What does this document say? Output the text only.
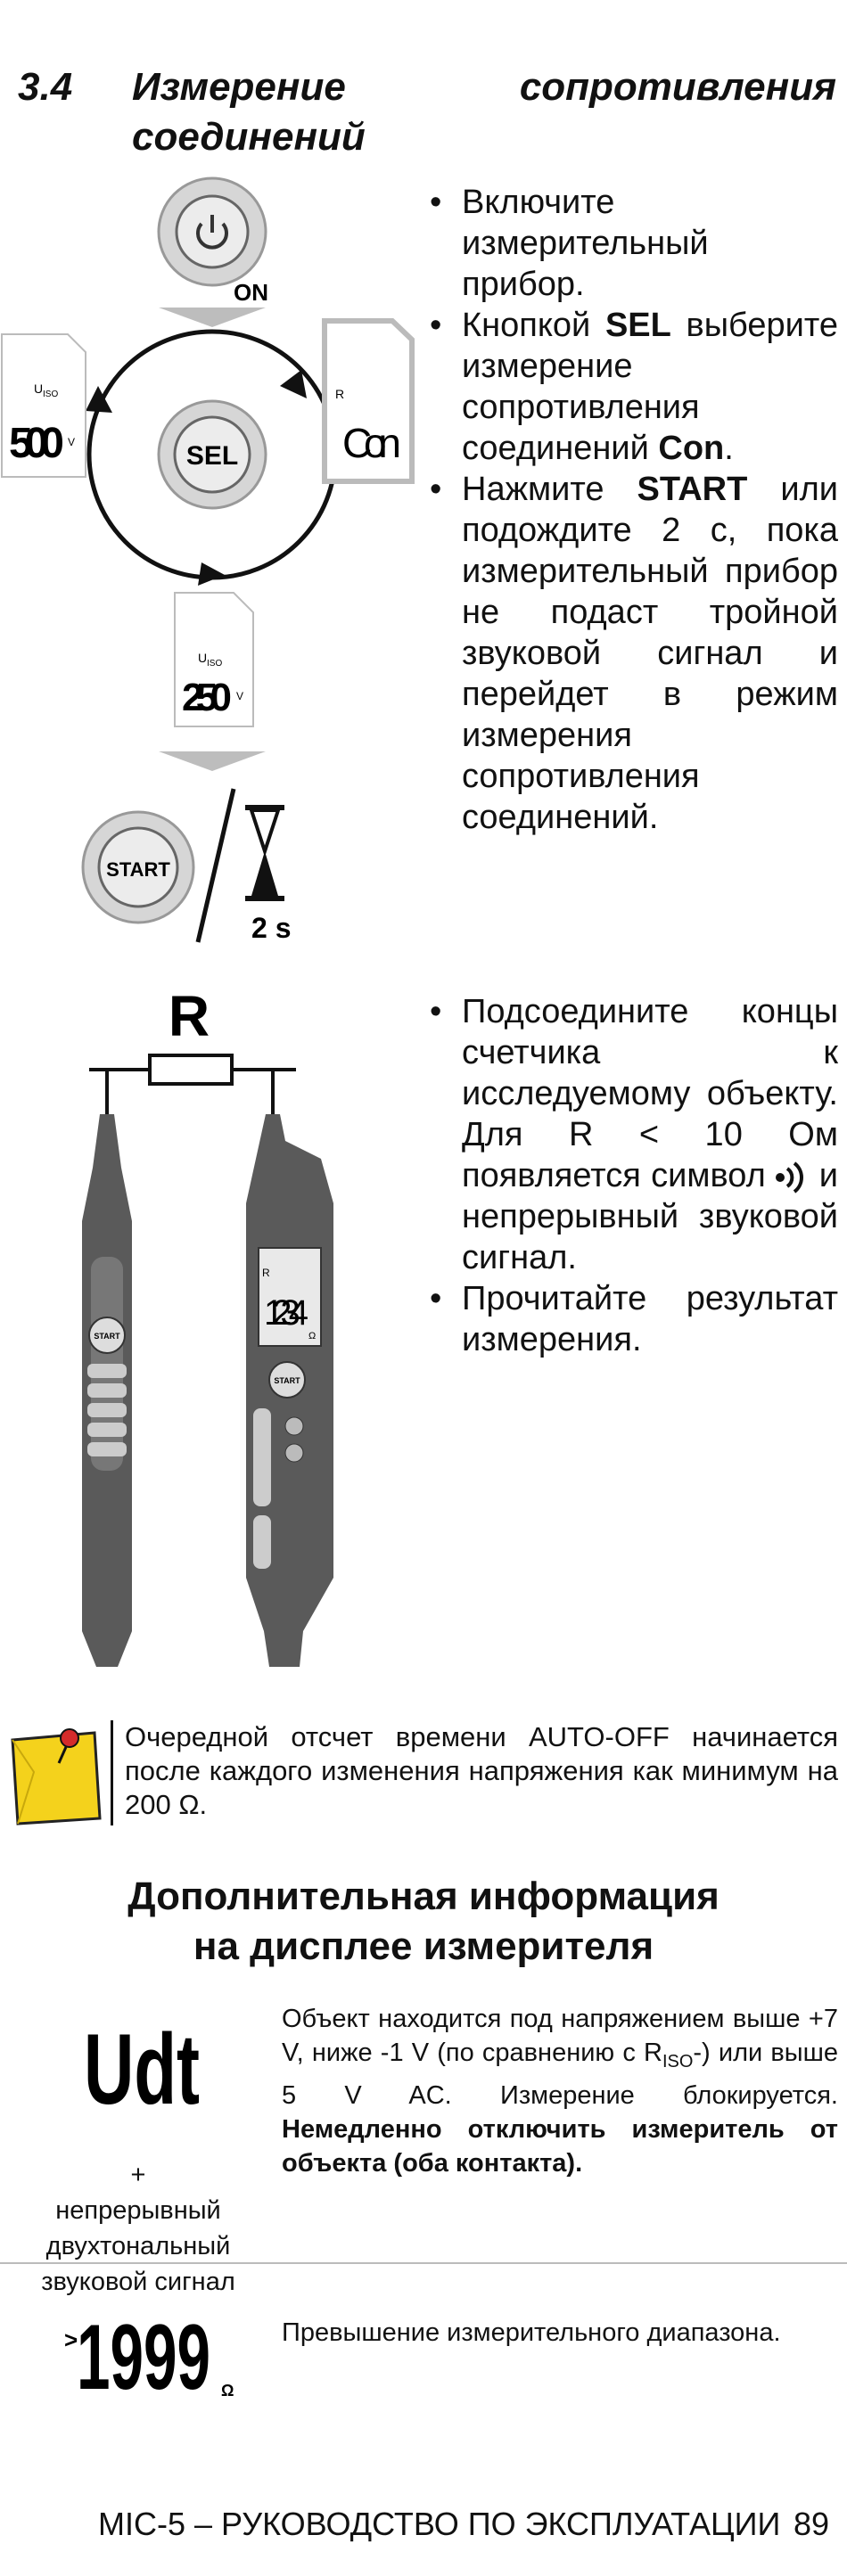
3.4 Измерение сопротивления
соединений
ON
SEL
U ISO
500 V
R
Con
U ISO
250 V
START
2 s
• Включите измерительный прибор.
• Кнопкой SEL выберите измерение сопротивления соединений Con.
• Нажмите START или подождите 2 с, пока измерительный прибор не подаст тройной звуковой сигнал и перейдет в режим измерения сопротивления соединений.
R
START
R
1234
Ω
START
• Подсоедините концы счетчика к исследуемому объекту. Для R < 10 Ом появляется символ и непрерывный звуковой сигнал.
• Прочитайте результат измерения.
Очередной отсчет времени AUTO-OFF начинается после каждого изменения напряжения как минимум на 200 Ω.
Дополнительная информация
на дисплее измерителя
Udt
+
непрерывный
двухтональный
звуковой сигнал
Объект находится под напряжением выше +7 V, ниже -1 V (по сравнению с $R_{ISO}-$) или выше 5 V AC. Измерение блокируется. Немедленно отключить измеритель от объекта (оба контакта).
>
1999 Ω
Превышение измерительного диапазона.
MIC-5 – РУКОВОДСТВО ПО ЭКСПЛУАТАЦИИ 89
